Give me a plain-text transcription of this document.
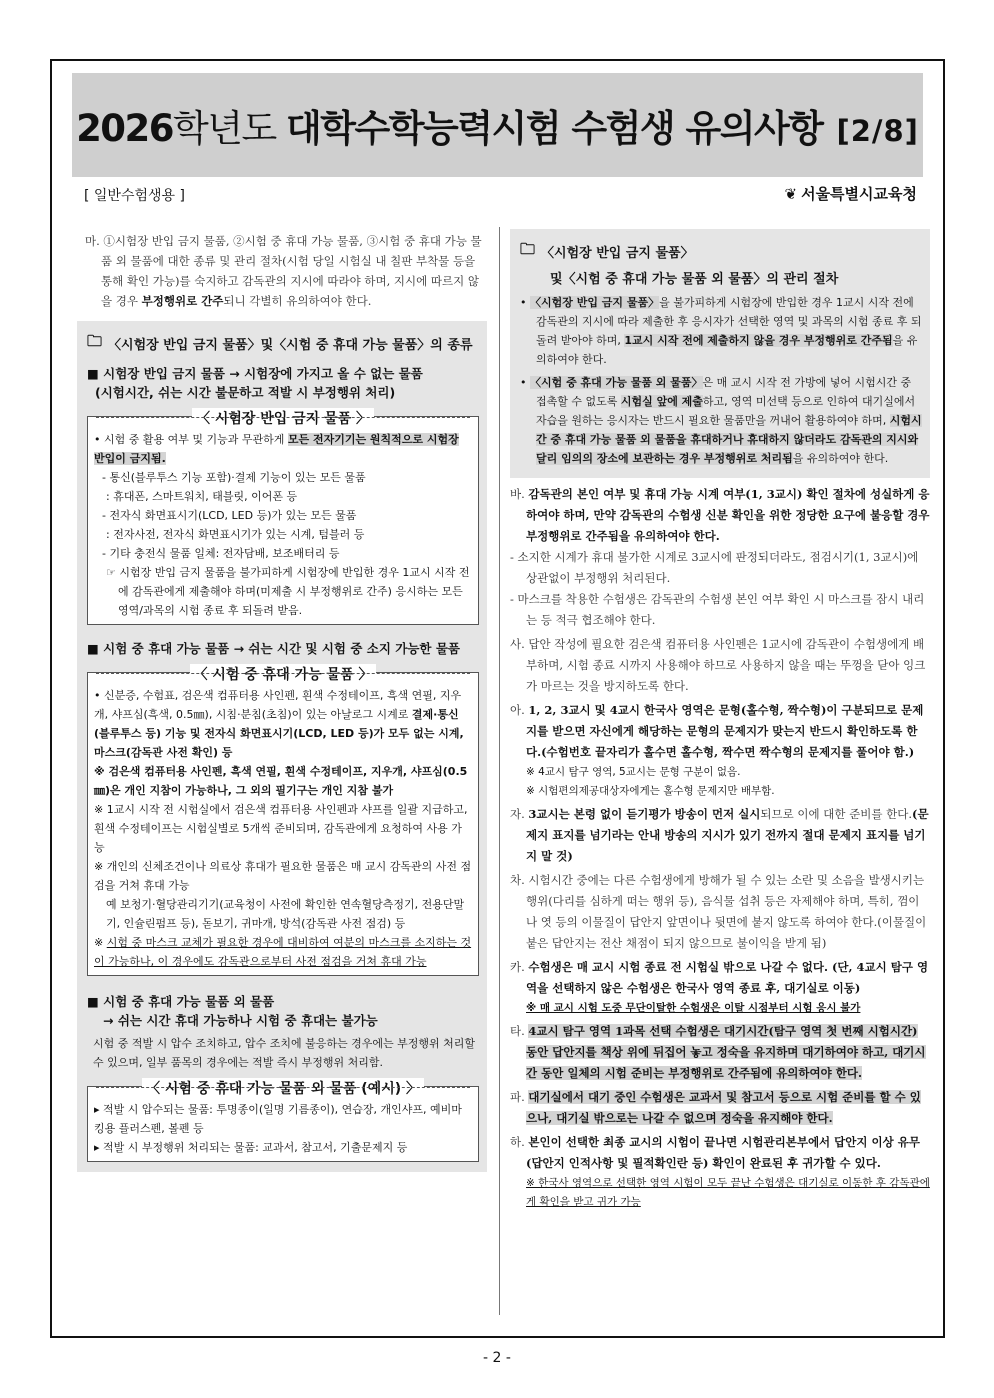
2026학년도 대학수학능력시험 수험생 유의사항 [2/8]
[ 일반수험생용 ]	❦ 서울특별시교육청

마. ①시험장 반입 금지 물품, ②시험 중 휴대 가능 물품, ③시험 중 휴대 가능 물품 외 물품에 대한 종류 및 관리 절차(시험 당일 시험실 내 칠판 부착물 등을 통해 확인 가능)를 숙지하고 감독관의 지시에 따라야 하며, 지시에 따르지 않을 경우 부정행위로 간주되니 각별히 유의하여야 한다.

🗀 〈시험장 반입 금지 물품〉및〈시험 중 휴대 가능 물품〉의 종류
■ 시험장 반입 금지 물품 → 시험장에 가지고 올 수 없는 물품
(시험시간, 쉬는 시간 불문하고 적발 시 부정행위 처리)
〈 시험장 반입 금지 물품 〉
• 시험 중 활용 여부 및 기능과 무관하게 모든 전자기기는 원칙적으로 시험장 반입이 금지됨.
- 통신(블루투스 기능 포함)·결제 기능이 있는 모든 물품
: 휴대폰, 스마트워치, 태블릿, 이어폰 등
- 전자식 화면표시기(LCD, LED 등)가 있는 모든 물품
: 전자사전, 전자식 화면표시기가 있는 시계, 텀블러 등
- 기타 충전식 물품 일체: 전자담배, 보조배터리 등
☞ 시험장 반입 금지 물품을 불가피하게 시험장에 반입한 경우 1교시 시작 전에 감독관에게 제출해야 하며(미제출 시 부정행위로 간주) 응시하는 모든 영역/과목의 시험 종료 후 되돌려 받음.
■ 시험 중 휴대 가능 물품 → 쉬는 시간 및 시험 중 소지 가능한 물품
〈 시험 중 휴대 가능 물품 〉
• 신분증, 수험표, 검은색 컴퓨터용 사인펜, 흰색 수정테이프, 흑색 연필, 지우개, 샤프심(흑색, 0.5㎜), 시침·분침(초침)이 있는 아날로그 시계로 결제·통신(블루투스 등) 기능 및 전자식 화면표시기(LCD, LED 등)가 모두 없는 시계, 마스크(감독관 사전 확인) 등
※ 검은색 컴퓨터용 사인펜, 흑색 연필, 흰색 수정테이프, 지우개, 샤프심(0.5㎜)은 개인 지참이 가능하나, 그 외의 필기구는 개인 지참 불가
※ 1교시 시작 전 시험실에서 검은색 컴퓨터용 사인펜과 샤프를 일괄 지급하고, 흰색 수정테이프는 시험실별로 5개씩 준비되며, 감독관에게 요청하여 사용 가능
※ 개인의 신체조건이나 의료상 휴대가 필요한 물품은 매 교시 감독관의 사전 점검을 거쳐 휴대 가능
예 보청기·혈당관리기기(교육청이 사전에 확인한 연속혈당측정기, 전용단말기, 인슐린펌프 등), 돋보기, 귀마개, 방석(감독관 사전 점검) 등
※ 시험 중 마스크 교체가 필요한 경우에 대비하여 여분의 마스크를 소지하는 것이 가능하나, 이 경우에도 감독관으로부터 사전 점검을 거쳐 휴대 가능
■ 시험 중 휴대 가능 물품 외 물품
→ 쉬는 시간 휴대 가능하나 시험 중 휴대는 불가능
시험 중 적발 시 압수 조치하고, 압수 조치에 불응하는 경우에는 부정행위 처리할 수 있으며, 일부 품목의 경우에는 적발 즉시 부정행위 처리함.
〈 시험 중 휴대 가능 물품 외 물품 (예시) 〉
▸ 적발 시 압수되는 물품: 투명종이(일명 기름종이), 연습장, 개인샤프, 예비마킹용 플러스펜, 볼펜 등
▸ 적발 시 부정행위 처리되는 물품: 교과서, 참고서, 기출문제지 등
🗀 〈시험장 반입 금지 물품〉
및〈시험 중 휴대 가능 물품 외 물품〉의 관리 절차
• 〈시험장 반입 금지 물품〉을 불가피하게 시험장에 반입한 경우 1교시 시작 전에 감독관의 지시에 따라 제출한 후 응시자가 선택한 영역 및 과목의 시험 종료 후 되돌려 받아야 하며, 1교시 시작 전에 제출하지 않을 경우 부정행위로 간주됨을 유의하여야 한다.
• 〈시험 중 휴대 가능 물품 외 물품〉은 매 교시 시작 전 가방에 넣어 시험시간 중 접촉할 수 없도록 시험실 앞에 제출하고, 영역 미선택 등으로 인하여 대기실에서 자습을 원하는 응시자는 반드시 필요한 물품만을 꺼내어 활용하여야 하며, 시험시간 중 휴대 가능 물품 외 물품을 휴대하거나 휴대하지 않더라도 감독관의 지시와 달리 임의의 장소에 보관하는 경우 부정행위로 처리됨을 유의하여야 한다.

바. 감독관의 본인 여부 및 휴대 가능 시계 여부(1, 3교시) 확인 절차에 성실하게 응하여야 하며, 만약 감독관의 수험생 신분 확인을 위한 정당한 요구에 불응할 경우 부정행위로 간주됨을 유의하여야 한다.

- 소지한 시계가 휴대 불가한 시계로 3교시에 판정되더라도, 점검시기(1, 3교시)에 상관없이 부정행위 처리된다.

- 마스크를 착용한 수험생은 감독관의 수험생 본인 여부 확인 시 마스크를 잠시 내리는 등 적극 협조해야 한다.

사. 답안 작성에 필요한 검은색 컴퓨터용 사인펜은 1교시에 감독관이 수험생에게 배부하며, 시험 종료 시까지 사용해야 하므로 사용하지 않을 때는 뚜껑을 닫아 잉크가 마르는 것을 방지하도록 한다.

아. 1, 2, 3교시 및 4교시 한국사 영역은 문형(홀수형, 짝수형)이 구분되므로 문제지를 받으면 자신에게 해당하는 문형의 문제지가 맞는지 반드시 확인하도록 한다.(수험번호 끝자리가 홀수면 홀수형, 짝수면 짝수형의 문제지를 풀어야 함.)

※ 4교시 탐구 영역, 5교시는 문형 구분이 없음.

※ 시험편의제공대상자에게는 홀수형 문제지만 배부함.

자. 3교시는 본령 없이 듣기평가 방송이 먼저 실시되므로 이에 대한 준비를 한다.(문제지 표지를 넘기라는 안내 방송의 지시가 있기 전까지 절대 문제지 표지를 넘기지 말 것)

차. 시험시간 중에는 다른 수험생에게 방해가 될 수 있는 소란 및 소음을 발생시키는 행위(다리를 심하게 떠는 행위 등), 음식물 섭취 등은 자제해야 하며, 특히, 껌이나 엿 등의 이물질이 답안지 앞면이나 뒷면에 붙지 않도록 하여야 한다.(이물질이 붙은 답안지는 전산 채점이 되지 않으므로 불이익을 받게 됨)

카. 수험생은 매 교시 시험 종료 전 시험실 밖으로 나갈 수 없다. (단, 4교시 탐구 영역을 선택하지 않은 수험생은 한국사 영역 종료 후, 대기실로 이동)

※ 매 교시 시험 도중 무단이탈한 수험생은 이탈 시점부터 시험 응시 불가

타. 4교시 탐구 영역 1과목 선택 수험생은 대기시간(탐구 영역 첫 번째 시험시간) 동안 답안지를 책상 위에 뒤집어 놓고 정숙을 유지하며 대기하여야 하고, 대기시간 동안 일체의 시험 준비는 부정행위로 간주됨에 유의하여야 한다.

파. 대기실에서 대기 중인 수험생은 교과서 및 참고서 등으로 시험 준비를 할 수 있으나, 대기실 밖으로는 나갈 수 없으며 정숙을 유지해야 한다.

하. 본인이 선택한 최종 교시의 시험이 끝나면 시험관리본부에서 답안지 이상 유무(답안지 인적사항 및 필적확인란 등) 확인이 완료된 후 귀가할 수 있다.

※ 한국사 영역으로 선택한 영역 시험이 모두 끝난 수험생은 대기실로 이동한 후 감독관에게 확인을 받고 귀가 가능

- 2 -
